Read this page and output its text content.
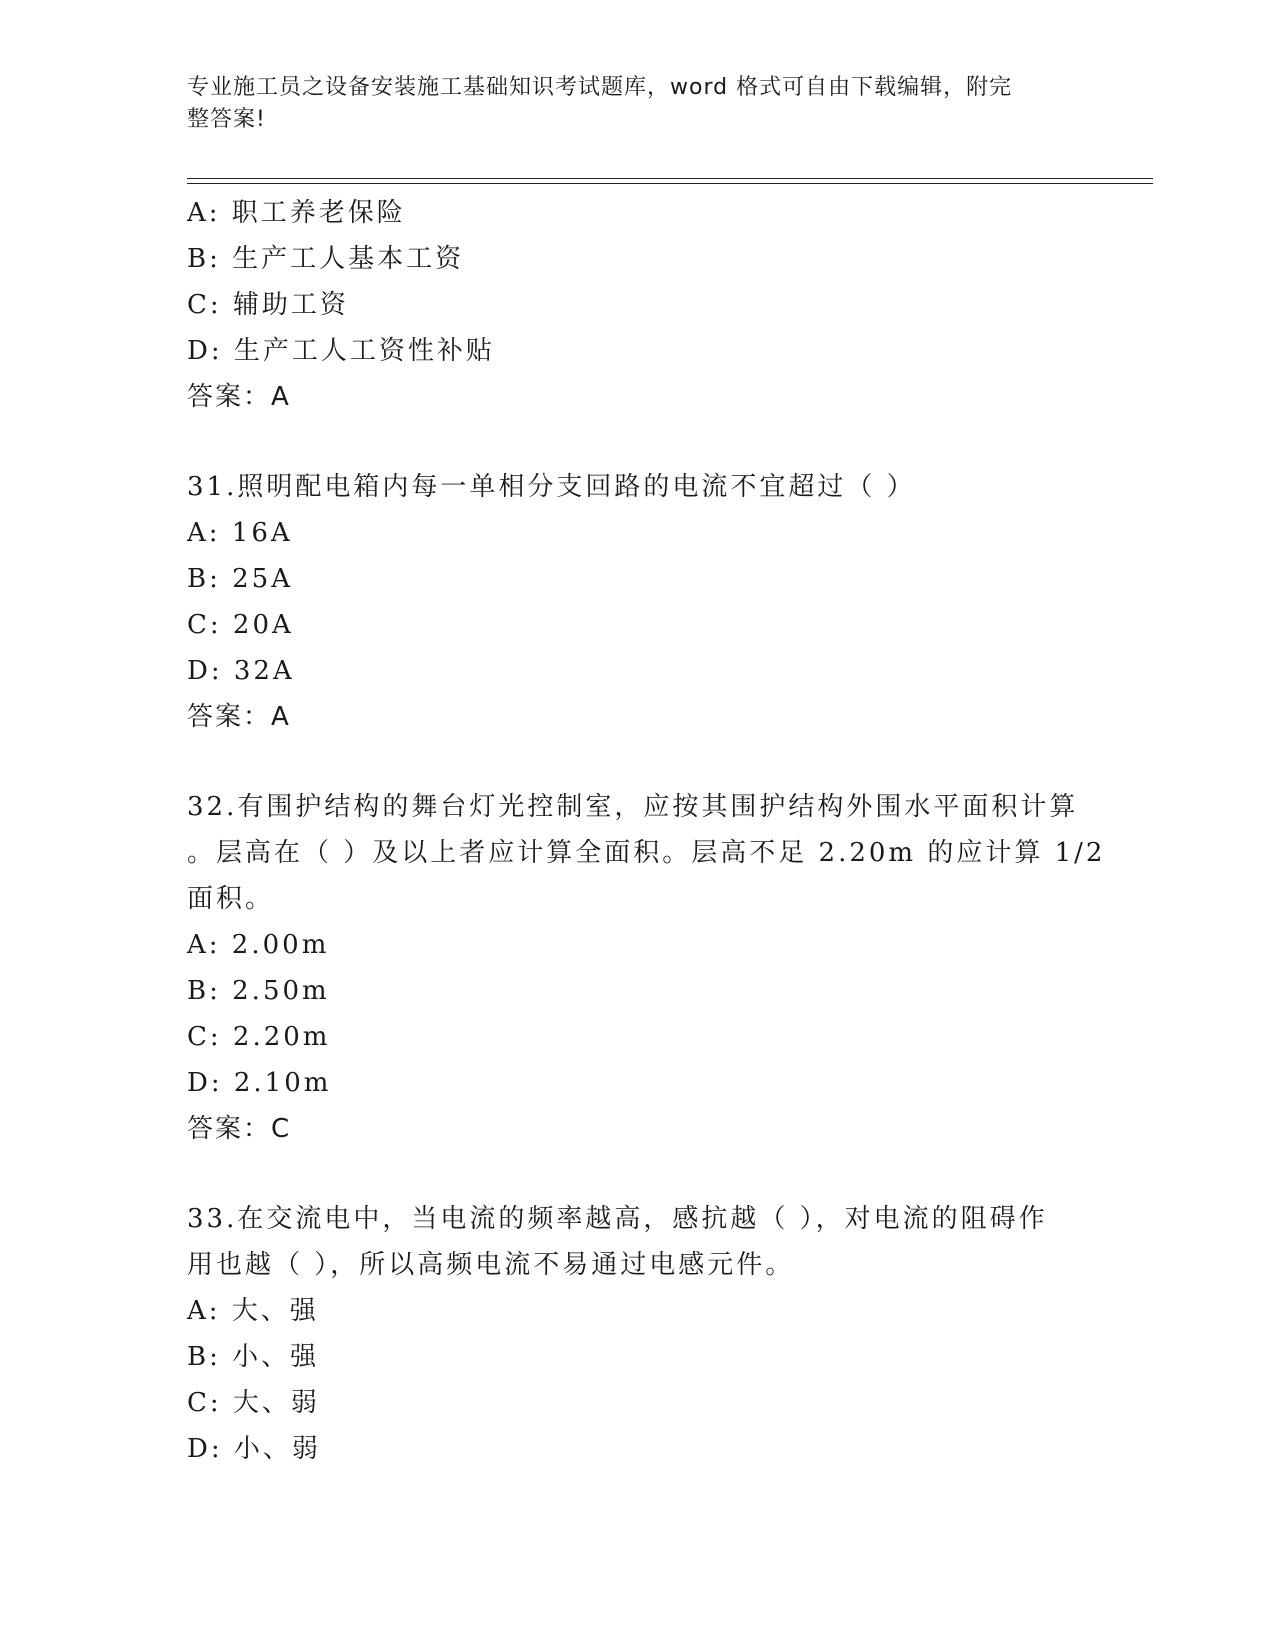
专业施工员之设备安装施工基础知识考试题库，word 格式可自由下载编辑，附完
整答案!
A: 职工养老保险
B: 生产工人基本工资
C: 辅助工资
D: 生产工人工资性补贴
答案：A
31.照明配电箱内每一单相分支回路的电流不宜超过（ ）
A: 16A
B: 25A
C: 20A
D: 32A
答案：A
32.有围护结构的舞台灯光控制室，应按其围护结构外围水平面积计算
。层高在（ ）及以上者应计算全面积。层高不足 2.20m 的应计算 1/2
面积。
A: 2.00m
B: 2.50m
C: 2.20m
D: 2.10m
答案：C
33.在交流电中，当电流的频率越高，感抗越（ ），对电流的阻碍作
用也越（ ），所以高频电流不易通过电感元件。
A: 大、强
B: 小、强
C: 大、弱
D: 小、弱
